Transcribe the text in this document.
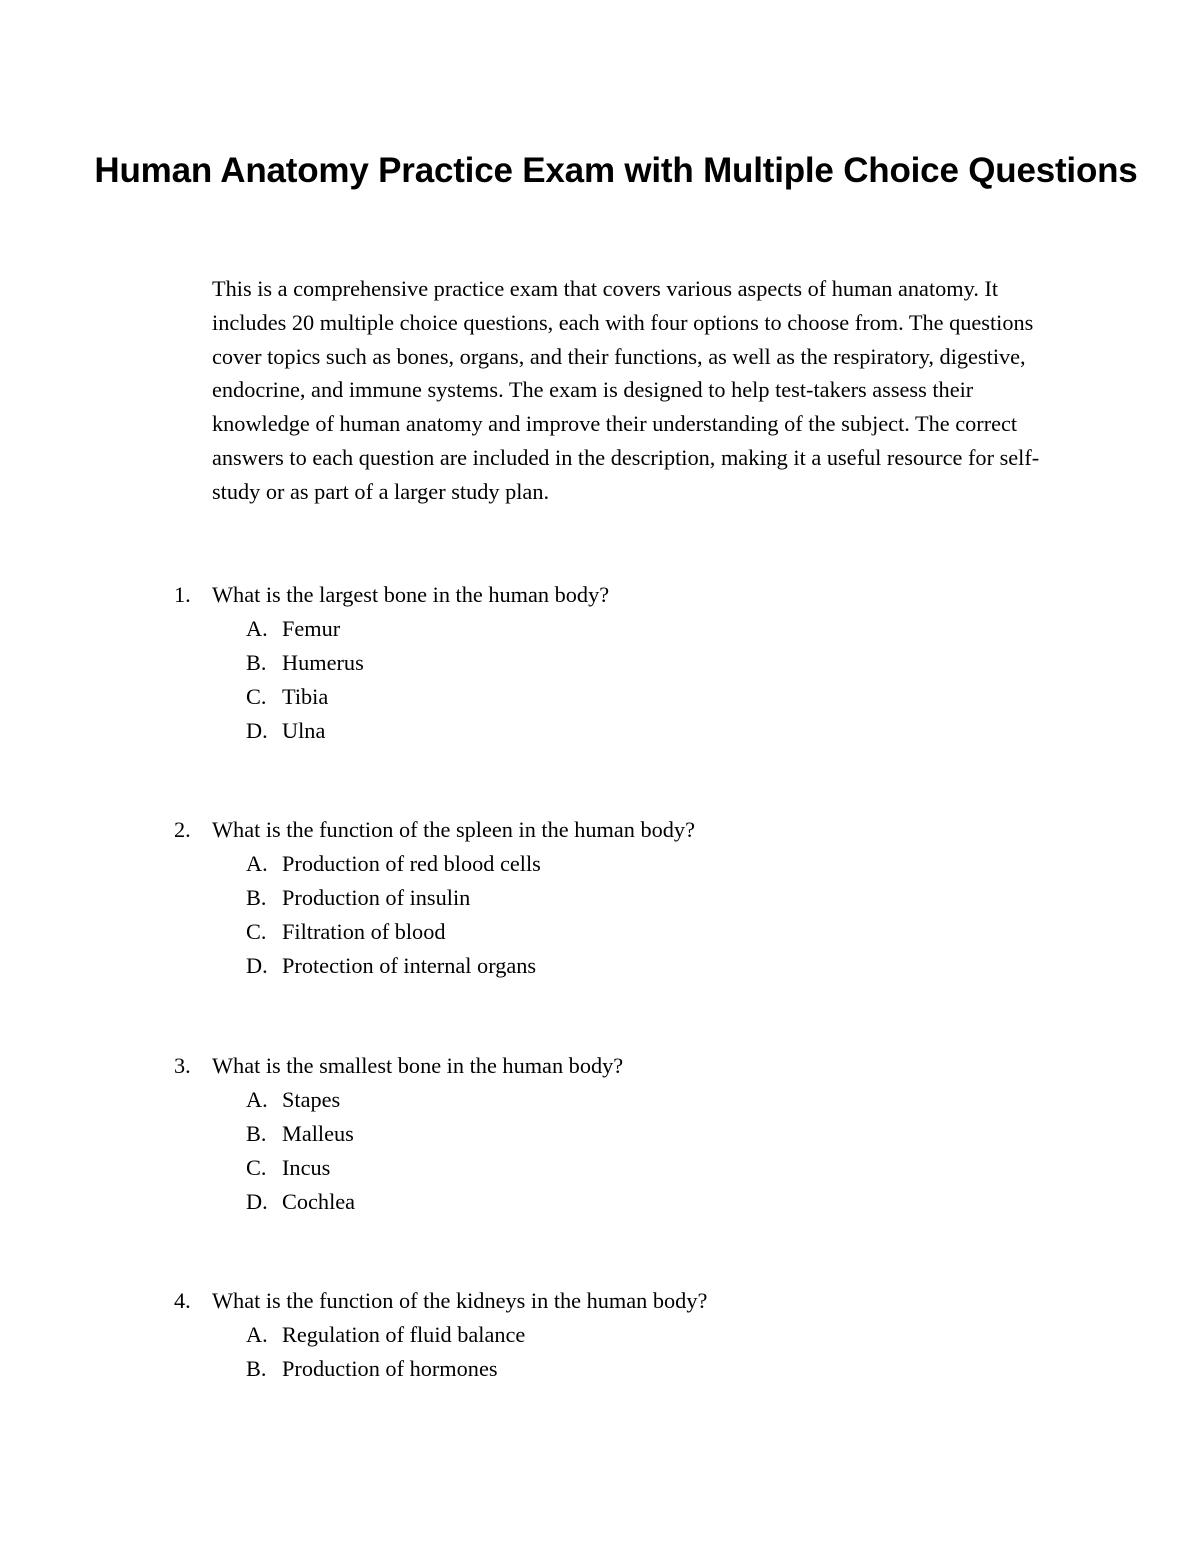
Human Anatomy Practice Exam with Multiple Choice Questions
This is a comprehensive practice exam that covers various aspects of human anatomy. It includes 20 multiple choice questions, each with four options to choose from. The questions cover topics such as bones, organs, and their functions, as well as the respiratory, digestive, endocrine, and immune systems. The exam is designed to help test-takers assess their knowledge of human anatomy and improve their understanding of the subject. The correct answers to each question are included in the description, making it a useful resource for self-study or as part of a larger study plan.
1. What is the largest bone in the human body?
A. Femur
B. Humerus
C. Tibia
D. Ulna
2. What is the function of the spleen in the human body?
A. Production of red blood cells
B. Production of insulin
C. Filtration of blood
D. Protection of internal organs
3. What is the smallest bone in the human body?
A. Stapes
B. Malleus
C. Incus
D. Cochlea
4. What is the function of the kidneys in the human body?
A. Regulation of fluid balance
B. Production of hormones
